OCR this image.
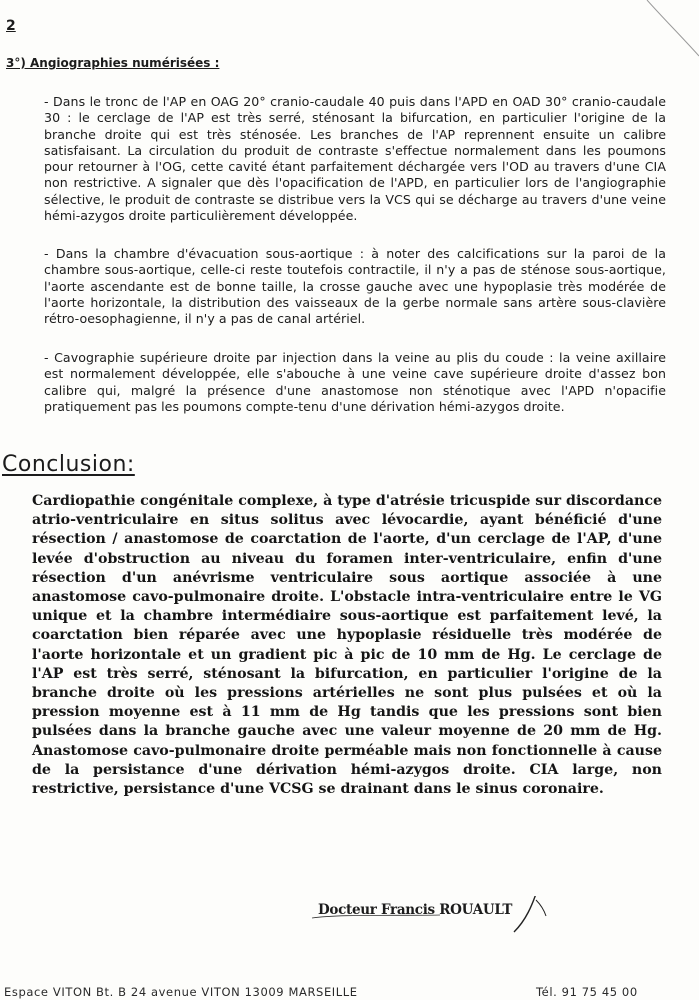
2
3°) Angiographies numérisées :

- Dans le tronc de l'AP en OAG 20° cranio-caudale 40 puis dans l'APD en OAD 30° cranio-caudale 30 : le cerclage de l'AP est très serré, sténosant la bifurcation, en particulier l'origine de la branche droite qui est très sténosée. Les branches de l'AP reprennent ensuite un calibre satisfaisant. La circulation du produit de contraste s'effectue normalement dans les poumons pour retourner à l'OG, cette cavité étant parfaitement déchargée vers l'OD au travers d'une CIA non restrictive. A signaler que dès l'opacification de l'APD, en particulier lors de l'angiographie sélective, le produit de contraste se distribue vers la VCS qui se décharge au travers d'une veine hémi-azygos droite particulièrement développée.

- Dans la chambre d'évacuation sous-aortique : à noter des calcifications sur la paroi de la chambre sous-aortique, celle-ci reste toutefois contractile, il n'y a pas de sténose sous-aortique, l'aorte ascendante est de bonne taille, la crosse gauche avec une hypoplasie très modérée de l'aorte horizontale, la distribution des vaisseaux de la gerbe normale sans artère sous-clavière rétro-oesophagienne, il n'y a pas de canal artériel.

- Cavographie supérieure droite par injection dans la veine au plis du coude : la veine axillaire est normalement développée, elle s'abouche à une veine cave supérieure droite d'assez bon calibre qui, malgré la présence d'une anastomose non sténotique avec l'APD n'opacifie pratiquement pas les poumons compte-tenu d'une dérivation hémi-azygos droite.

Conclusion:

Cardiopathie congénitale complexe, à type d'atrésie tricuspide sur discordance atrio-ventriculaire en situs solitus avec lévocardie, ayant bénéficié d'une résection / anastomose de coarctation de l'aorte, d'un cerclage de l'AP, d'une levée d'obstruction au niveau du foramen inter-ventriculaire, enfin d'une résection d'un anévrisme ventriculaire sous aortique associée à une anastomose cavo-pulmonaire droite. L'obstacle intra-ventriculaire entre le VG unique et la chambre intermédiaire sous-aortique est parfaitement levé, la coarctation bien réparée avec une hypoplasie résiduelle très modérée de l'aorte horizontale et un gradient pic à pic de 10 mm de Hg. Le cerclage de l'AP est très serré, sténosant la bifurcation, en particulier l'origine de la branche droite où les pressions artérielles ne sont plus pulsées et où la pression moyenne est à 11 mm de Hg tandis que les pressions sont bien pulsées dans la branche gauche avec une valeur moyenne de 20 mm de Hg. Anastomose cavo-pulmonaire droite perméable mais non fonctionnelle à cause de la persistance d'une dérivation hémi-azygos droite. CIA large, non restrictive, persistance d'une VCSG se drainant dans le sinus coronaire.

Docteur Francis ROUAULT
Espace VITON Bt. B 24 avenue VITON 13009 MARSEILLE	Tél. 91 75 45 00
